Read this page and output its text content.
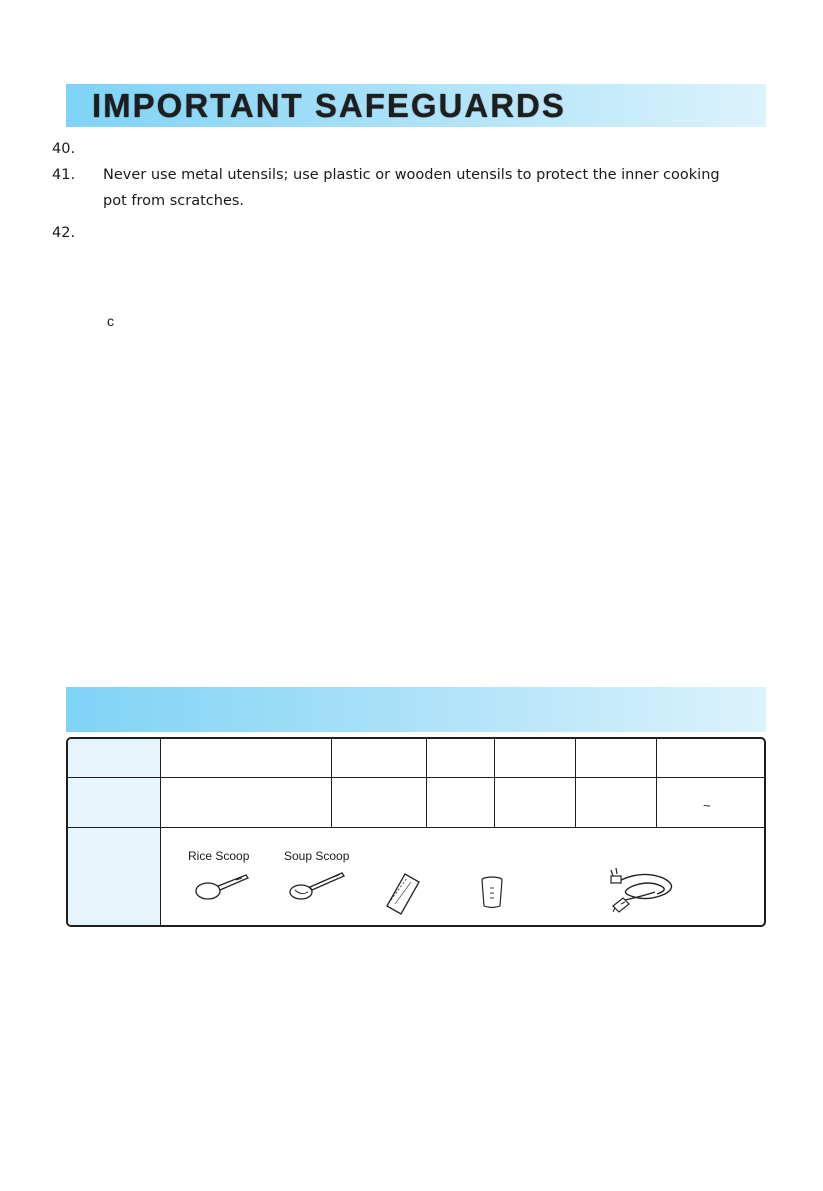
IMPORTANT SAFEGUARDS
40.
41. Never use metal utensils; use plastic or wooden utensils to protect the inner cooking
pot from scratches.
42.
c
~
Rice Scoop	Soup Scoop
